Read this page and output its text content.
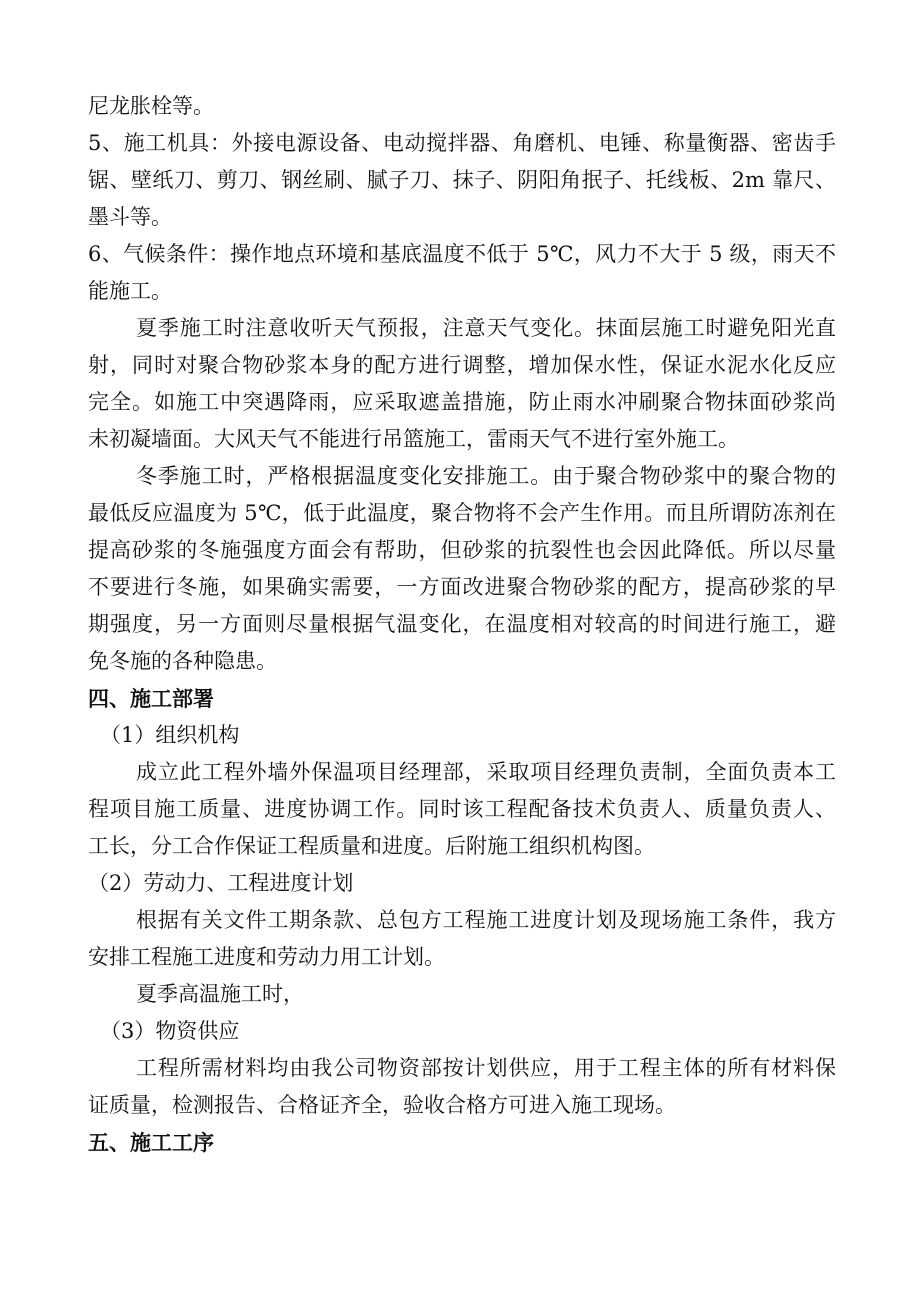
尼龙胀栓等。
5、施工机具：外接电源设备、电动搅拌器、角磨机、电锤、称量衡器、密齿手
锯、壁纸刀、剪刀、钢丝刷、腻子刀、抹子、阴阳角抿子、托线板、2m 靠尺、
墨斗等。
6、气候条件：操作地点环境和基底温度不低于 5℃，风力不大于 5 级，雨天不
能施工。
夏季施工时注意收听天气预报，注意天气变化。抹面层施工时避免阳光直
射，同时对聚合物砂浆本身的配方进行调整，增加保水性，保证水泥水化反应
完全。如施工中突遇降雨，应采取遮盖措施，防止雨水冲刷聚合物抹面砂浆尚
未初凝墙面。大风天气不能进行吊篮施工，雷雨天气不进行室外施工。
冬季施工时，严格根据温度变化安排施工。由于聚合物砂浆中的聚合物的
最低反应温度为 5℃，低于此温度，聚合物将不会产生作用。而且所谓防冻剂在
提高砂浆的冬施强度方面会有帮助，但砂浆的抗裂性也会因此降低。所以尽量
不要进行冬施，如果确实需要，一方面改进聚合物砂浆的配方，提高砂浆的早
期强度，另一方面则尽量根据气温变化，在温度相对较高的时间进行施工，避
免冬施的各种隐患。
四、施工部署
（1）组织机构
成立此工程外墙外保温项目经理部，采取项目经理负责制，全面负责本工
程项目施工质量、进度协调工作。同时该工程配备技术负责人、质量负责人、
工长，分工合作保证工程质量和进度。后附施工组织机构图。
（2）劳动力、工程进度计划
根据有关文件工期条款、总包方工程施工进度计划及现场施工条件，我方
安排工程施工进度和劳动力用工计划。
夏季高温施工时，
（3）物资供应
工程所需材料均由我公司物资部按计划供应，用于工程主体的所有材料保
证质量，检测报告、合格证齐全，验收合格方可进入施工现场。
五、施工工序
